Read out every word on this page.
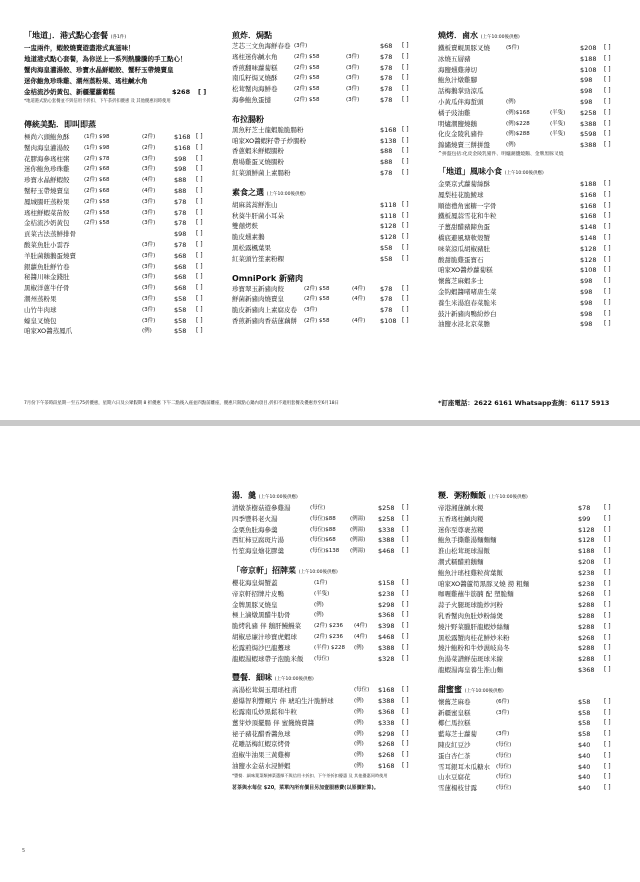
「地道」．港式點心套餐 (各1件)
一盅兩件，蝦餃燒賣遊盡港式真滋味！
地道港式點心套餐，為你送上一系列熱騰騰的手工點心！
蟹肉海皇灌湯餃、珍寶水晶鮮蝦餃、蟹籽玉帶燒賣皇
迷你鮑魚珍珠雞、潮州蒸粉果、瑤柱鹹水角
金桔流沙奶黃包、新疆擺蘿蔔糕	$268 [ ]
*地道港式點心套餐並不與信用卡折扣、下午茶折扣優惠 及 其他優惠同時使用
傳統美點．即叫即蒸
極尚六頭鮑魚酥	(1件) $98	(2件)	$168 [ ]
蟹肉海皇灌湯餃	(1件) $98	(2件)	$168 [ ]
花膠海參瑤柱粥	(2件) $78	(3件)	$98 [ ]
迷你鮑魚珍珠雞	(2件) $68	(3件)	$98 [ ]
珍寶水晶鮮蝦餃	(2件) $68	(4件)	$88 [ ]
蟹籽玉帶燒賣皇	(2件) $68	(4件)	$88 [ ]
鳳城腸旺蒸粉果	(2件) $58	(3件)	$78 [ ]
瑤柱鮮蝦菜苗餃	(2件) $58	(3件)	$78 [ ]
金桔流沙奶黃包	(2件) $58	(3件)	$78 [ ]
貢菜古法蒸鮮排骨	$98 [ ]
酸菜魚肚小雲吞	(3件)	$78 [ ]
羊肚菌鵝鵝蛋燒賣	(3件)	$68 [ ]
銀蘿魚肚鮮竹卷	(3件)	$68 [ ]
秘醬川味金錢肚	(3件)	$68 [ ]
黑椒洋蔥牛仔骨	(3件)	$68 [ ]
潮州蒸粉果	(3件)	$58 [ ]
山竹牛肉球	(3件)	$58 [ ]
蠔皇叉燒包	(3件)	$58 [ ]
咱家XO醬蒸鳳爪	(例)	$58 [ ]
煎炸．焗點
芝芯三文魚海鮮春卷 (3件)	$68 [ ]
瑤柱迷你鹹水角	(2件) $58	(3件)	$78 [ ]
香煎翻味蘿蔔糕	(2件) $58	(3件)	$78 [ ]
南瓜籽焗叉燒酥	(2件) $58	(3件)	$78 [ ]
松茸蟹肉海鮮卷	(2件) $58	(3件)	$78 [ ]
海參鮑魚蛋撻	(2件) $58	(3件)	$78 [ ]
布拉腸粉
黑魚籽芝士龍蝦脆脆腸粉	$168 [ ]
咱家XO醬蝦籽帶子炒腸粉	$138 [ ]
香蔥蝦米鮮蝦腸粉	$88 [ ]
農場雞蛋叉燒腸粉	$88 [ ]
紅菜頭鮮菌上素腸粉	$78 [ ]
素食之選 (上午10:00後供應)
胡麻蒿蒿鮮淮山	$118 [ ]
秋葵牛肝菌小耳朵	$118 [ ]
雙囍烤麩	$128 [ ]
脆皮燻素鵝	$128 [ ]
黑松露楓葉果	$58 [ ]
紅菜頭竹笙素粉粿	$58 [ ]
OmniPork 新豬肉
珍寶翠玉新豬肉餃	(2件) $58	(4件) $78 [ ]
鮮菌新豬肉燒賣皇	(2件) $58	(4件) $78 [ ]
脆皮新豬肉上素腐皮卷 (3件)	$78 [ ]
香煎新豬肉香菇蓮藕餅 (2件) $58	(4件) $108 [ ]
燒烤．鹵水 (上午10:00後供應)
鐵板賣蜆黑豚叉燒	(5件)	$208 [ ]
冰燒五層豬	$188 [ ]
海鹽燻雞薄切	$108 [ ]
鮑魚汁燉雞腳	$98 [ ]
話梅鵝掌勁涼瓜	$98 [ ]
小黃瓜伴海蜇頭	(例)	$98 [ ]
橘子豉油雞	(例)$168	(半隻) $258 [ ]
明爐潮鹽燒鵝	(例)$228	(半隻) $388 [ ]
化皮金陵乳豬件	(例)$288	(半隻) $598 [ ]
錦繡燒賣三餅拼盤	(例)	$388 [ ]
^拼盤包括:化皮金陵乳豬件、明爐潮鹽燒鵝、金牌黑豚叉燒
「地道」風味小食 (上午10:00後供應)
金栗京式蘿蔔絲酥	$188 [ ]
鳳梨桂花脆鯪球	$168 [ ]
順德禮角蜜糖一字骨	$168 [ ]
鐵板鳳蒜雪花和牛粒	$168 [ ]
子薑甜醋豬蹄魚蛋	$148 [ ]
橋底避風塘軟殼蟹	$148 [ ]
味菜涼瓜胡椒豬肚	$128 [ ]
酸甜脆雞蛋寶石	$128 [ ]
咱家XO醬炒蘿蔔糕	$108 [ ]
懷舊芝麻蝦多士	$98 [ ]
金钩蝦醬啫啫唐生菜	$98 [ ]
養生米湯泡春菜脆米	$98 [ ]
鼓汁新豬肉鴨紛炒白	$98 [ ]
油鹽水浸北京菜膽	$98 [ ]
7月份下午茶時段星期一至五75折優惠，星期六日及公眾假期 8 折優惠 下午二點後入座並四點前離座，優惠只限點心鍋內項目,折扣不適用套餐及優惠券至6月18日	*訂座電話：2622 6161 Whatsapp查詢：6117 5913
湯．羹 (上午10:00後供應)
清燉茶樹菇遊參雞湯	(每位)	$258 [ ]
四季豐料老火湯	(每位)$88	(例湯) $258 [ ]
金栗魚肚海參羹	(每位)$88	(例湯) $338 [ ]
西紅柿豆腐斑片湯	(每位)$68	(例湯) $388 [ ]
竹笙海皇燴花膠羹	(每位)$138 (例湯) $468 [ ]
「帝京軒」招牌菜 (上午10:00後供應)
櫻花海皇焗蟹蓋	(1件)	$158 [ ]
帝京軒招牌片皮鴨	(半隻)	$238 [ ]
金牌黑豚叉燒皇	(例)	$298 [ ]
極上滷燉黑醋牛肋骨	(例)	$368 [ ]
脆烤乳豬 伴 鵝肝鰻鰻菜 (2件) $236 (4件) $398 [ ]
胡椒忌廉汁珍寶虎蝦球	(2件) $236 (4件) $468 [ ]
松露煎焗沙巴龍躉球	(半件) $228 (例) $388 [ ]
龍蝦湯蝦球帶子泡脆米飯 (每位)	$328 [ ]
豐餐．細味 (上午10:00後供應)
高湯松茸焗玉環瑤柱甫	(每位) $168 [ ]
蔥爆智利響螺片 伴 琥珀生汁脆鮮球	(例) $388 [ ]
松露南瓜炒黑鬆和牛粒	(例) $368 [ ]
薑芽炒頂擺腸 伴 蜜餞燒賣醬	(例) $338 [ ]
祕子豬花醋香醬魚球	(例) $298 [ ]
花雕話梅紅蝦京烤骨	(例) $268 [ ]
泡椒牛油果三黃雞柳	(例) $268 [ ]
油鹽水金菇水浸鮮蝦	(例) $168 [ ]
*豐餐．細味葉菜類揀菜選擇不與信用卡折扣、下午茶折扣優惠 及 其他優惠同時使用
茗茶與水每位 $20，菜單內所有價目另加壹服務費(以原價計算)。
糉．粥粉麵飯 (上午10:00後供應)
帝港湘蓮鹹水糉	$78 [ ]
五香瑤柱鹹肉糉	$99 [ ]
迷你至尊裹蒸糉	$128 [ ]
鮑魚手撕雞湯麵麵麵	$128 [ ]
淮山松茸斑球湯飯	$188 [ ]
潮式糯醋煎鵝麵	$208 [ ]
鮑魚汁瑤柱雞粒荷葉飯	$238 [ ]
咱家XO醬蘆筍黑豚叉燒 撈 粗麵	$238 [ ]
咖喱雞蘸牛筋腩 配 塑脆麵	$268 [ ]
蒜子火腿斑球脆炒河粉	$288 [ ]
乳香蟹肉魚肚炒粉絲煲	$288 [ ]
燒汁野菜臘肝龍蝦炒絲麵	$288 [ ]
黑松露蟹肉桂花鮮炒米粉	$268 [ ]
燒汁鮑粉和牛炒濕岐烏冬	$288 [ ]
魚湯菜譜鮮茄斑球米線	$288 [ ]
龍蝦湯海皇養生淮山麵	$368 [ ]
甜蜜蜜 (上午10:00後供應)
懷舊芝麻卷	(6件)	$58 [ ]
新疆蜜皇糕	(3件)	$58 [ ]
椰仁馬拉糕	$58 [ ]
藍莓芝士蘿蔔	(3件)	$58 [ ]
陳皮紅豆沙	(每位)	$40 [ ]
蛋白杏仁茶	(每位)	$40 [ ]
雪耳銀耳木瓜糖水 (每位)	$40 [ ]
山水豆腐花	(每位)	$40 [ ]
雪蓮楊枝甘露	(每位)	$40 [ ]
5
